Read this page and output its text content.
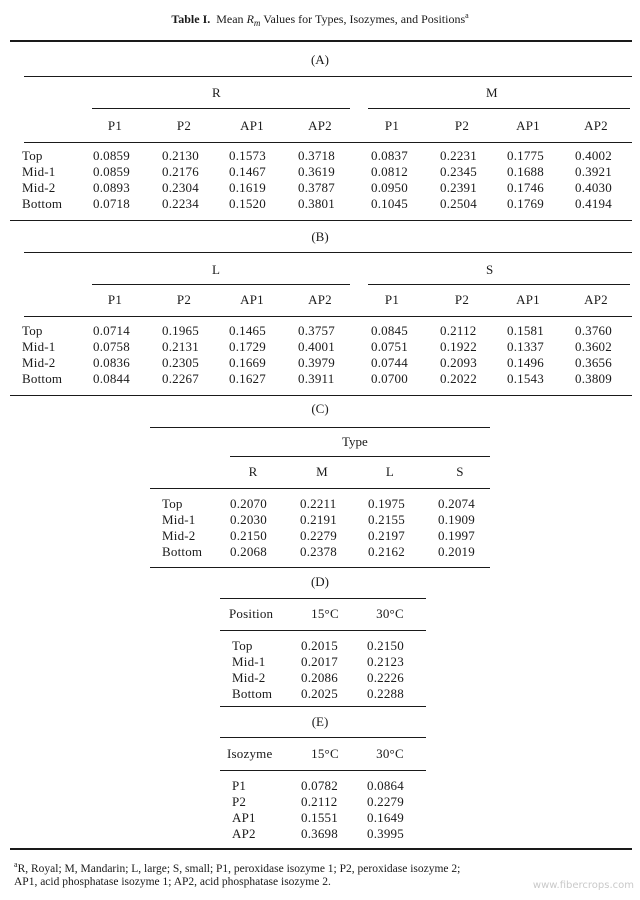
Table I. Mean $R_m$ Values for Types, Isozymes, and Positions$^a$
(A)
R	M
P1	P2	AP1	AP2	P1	P2	AP1	AP2
Top	0.0859 0.2130 0.1573 0.3718	0.0837 0.2231 0.1775 0.4002
Mid-1	0.0859 0.2176 0.1467 0.3619	0.0812 0.2345 0.1688 0.3921
Mid-2	0.0893 0.2304 0.1619 0.3787	0.0950 0.2391 0.1746 0.4030
Bottom 0.0718 0.2234 0.1520 0.3801	0.1045 0.2504 0.1769 0.4194
(B)
L	S
P1	P2	AP1	AP2	P1	P2	AP1	AP2
Top	0.0714 0.1965 0.1465 0.3757	0.0845 0.2112 0.1581 0.3760
Mid-1	0.0758 0.2131 0.1729 0.4001	0.0751 0.1922 0.1337 0.3602
Mid-2	0.0836 0.2305 0.1669 0.3979	0.0744 0.2093 0.1496 0.3656
Bottom 0.0844 0.2267 0.1627 0.3911	0.0700 0.2022 0.1543 0.3809
(C)
Type
R	M	L	S
Top	0.2070	0.2211 0.1975	0.2074
Mid-1	0.2030	0.2191 0.2155	0.1909
Mid-2	0.2150	0.2279 0.2197	0.1997
Bottom 0.2068	0.2378 0.2162	0.2019
(D)
Position	15°C	30°C
Top	0.2015 0.2150
Mid-1	0.2017 0.2123
Mid-2	0.2086 0.2226
Bottom 0.2025 0.2288
(E)
Isozyme	15°C	30°C
P1	0.0782 0.0864
P2	0.2112 0.2279
AP1	0.1551 0.1649
AP2	0.3698 0.3995
$^a$R, Royal; M, Mandarin; L, large; S, small; P1, peroxidase isozyme 1; P2, peroxidase isozyme 2;
AP1, acid phosphatase isozyme 1; AP2, acid phosphatase isozyme 2.	www.fibercrops.com
